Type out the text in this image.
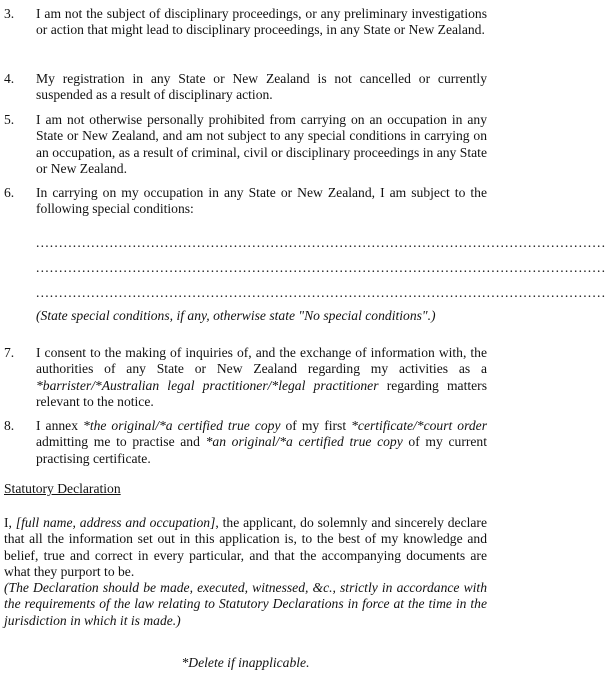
3. I am not the subject of disciplinary proceedings, or any preliminary investigations or action that might lead to disciplinary proceedings, in any State or New Zealand.
4. My registration in any State or New Zealand is not cancelled or currently suspended as a result of disciplinary action.
5. I am not otherwise personally prohibited from carrying on an occupation in any State or New Zealand, and am not subject to any special conditions in carrying on an occupation, as a result of criminal, civil or disciplinary proceedings in any State or New Zealand.
6. In carrying on my occupation in any State or New Zealand, I am subject to the following special conditions:
............................................................................................................................
............................................................................................................................
............................................................................................................................
(State special conditions, if any, otherwise state "No special conditions".)
7. I consent to the making of inquiries of, and the exchange of information with, the authorities of any State or New Zealand regarding my activities as a *barrister/*Australian legal practitioner/*legal practitioner regarding matters relevant to the notice.
8. I annex *the original/*a certified true copy of my first *certificate/*court order admitting me to practise and *an original/*a certified true copy of my current practising certificate.
Statutory Declaration
I, [full name, address and occupation], the applicant, do solemnly and sincerely declare that all the information set out in this application is, to the best of my knowledge and belief, true and correct in every particular, and that the accompanying documents are what they purport to be.
(The Declaration should be made, executed, witnessed, &c., strictly in accordance with the requirements of the law relating to Statutory Declarations in force at the time in the jurisdiction in which it is made.)
*Delete if inapplicable.
